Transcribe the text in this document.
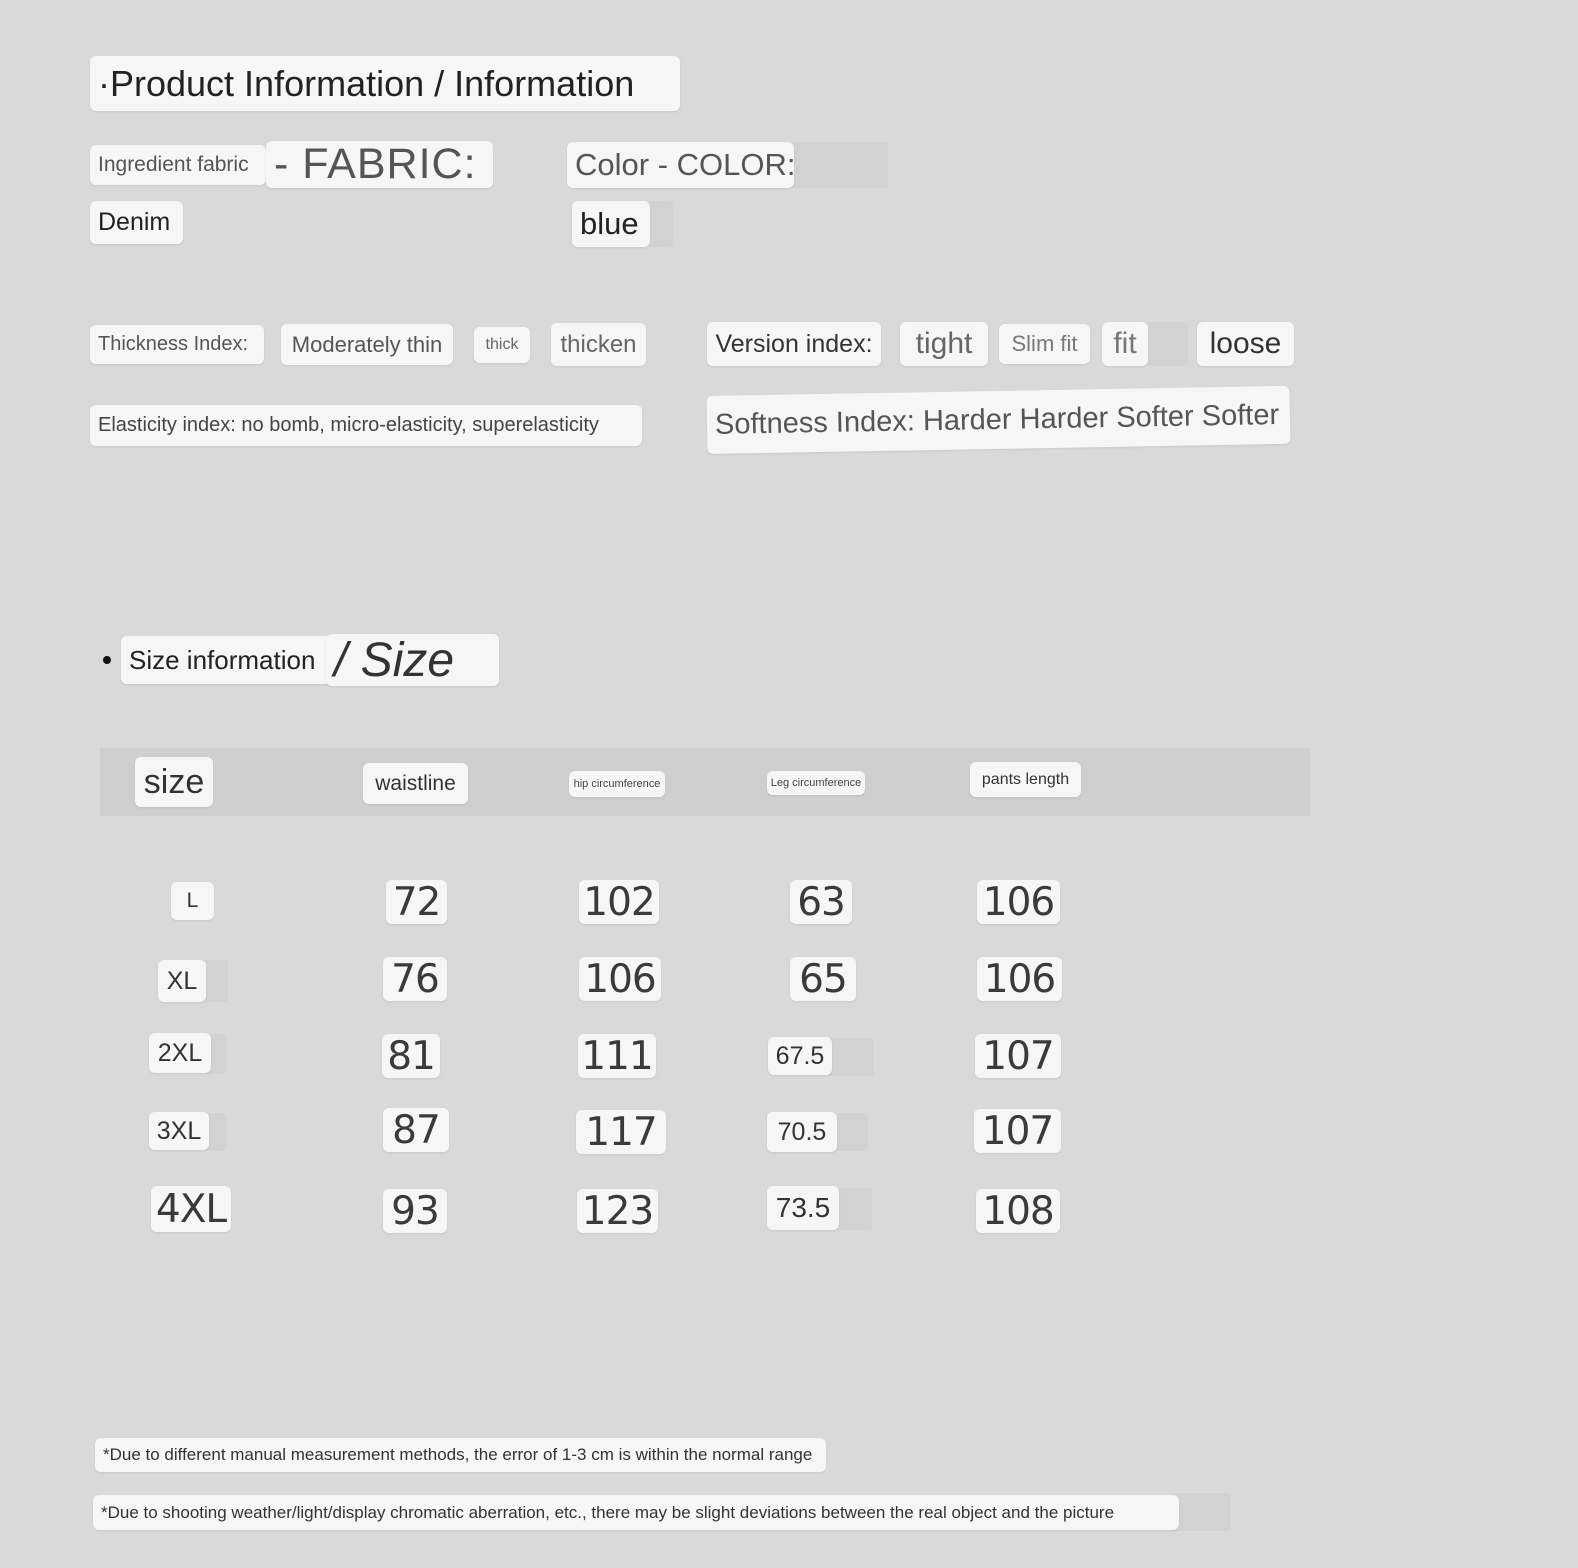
·Product Information / Information
Ingredient fabric - FABRIC:
Denim
Color - COLOR:
blue
Thickness Index:	Moderately thin	thick	thicken	Version index:	tight	Slim fit	fit	loose
Elasticity index: no bomb, micro-elasticity, superelasticity	Softness Index: Harder Harder Softer Softer
Size information / Size
size	waistline	hip circumference	Leg circumference	pants length
L	72	102	63	106
XL	76	106	65	106
2XL	81	111	67.5	107
3XL	87	117	70.5	107
4XL	93	123	73.5	108
*Due to different manual measurement methods, the error of 1-3 cm is within the normal range
*Due to shooting weather/light/display chromatic aberration, etc., there may be slight deviations between the real object and the picture
